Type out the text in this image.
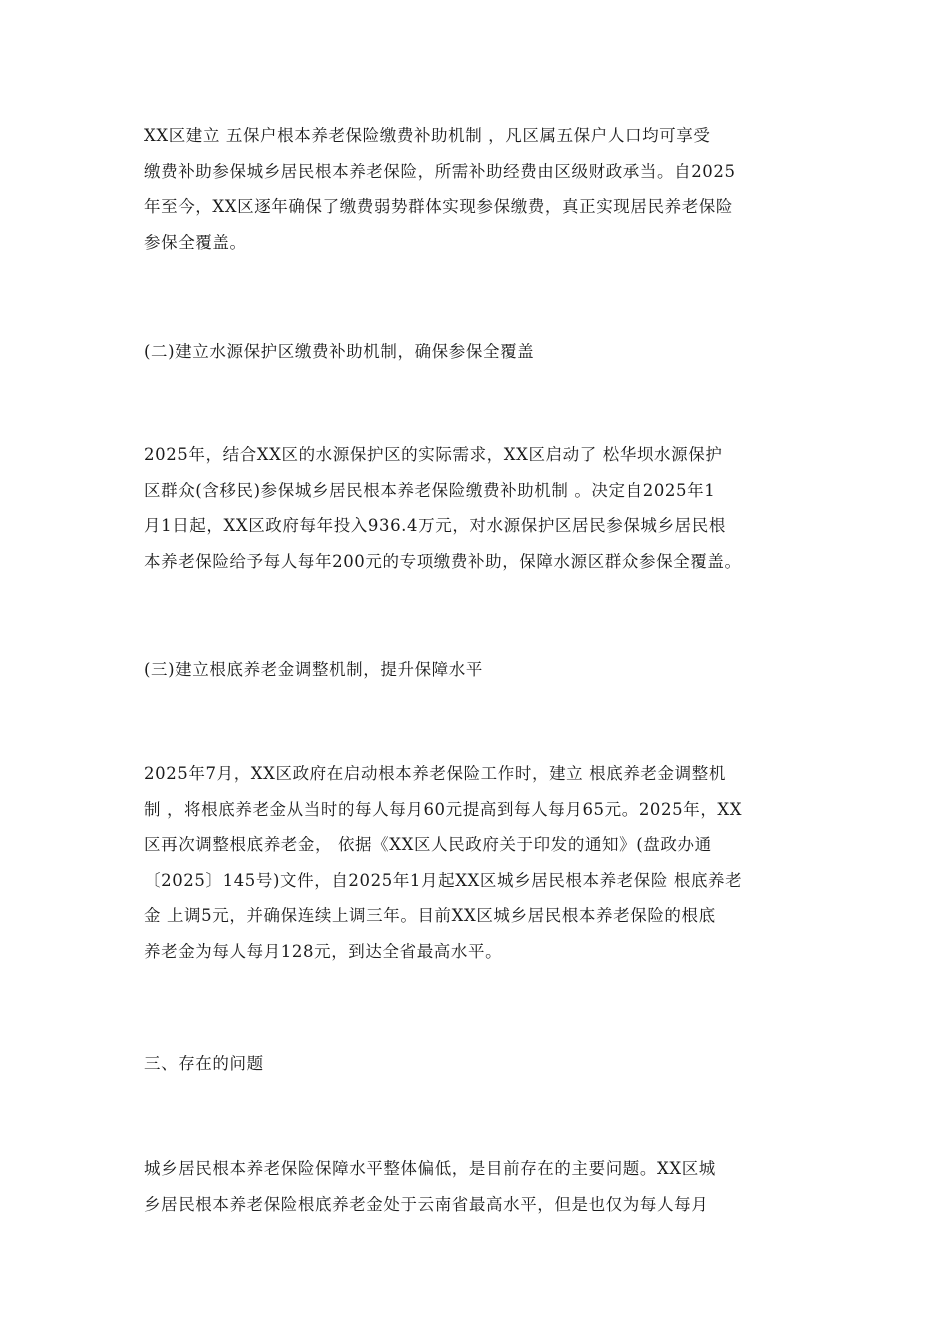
XX区建立 五保户根本养老保险缴费补助机制 ，凡区属五保户人口均可享受
缴费补助参保城乡居民根本养老保险，所需补助经费由区级财政承当。自2025
年至今，XX区逐年确保了缴费弱势群体实现参保缴费，真正实现居民养老保险
参保全覆盖。

(二)建立水源保护区缴费补助机制，确保参保全覆盖

2025年，结合XX区的水源保护区的实际需求，XX区启动了 松华坝水源保护
区群众(含移民)参保城乡居民根本养老保险缴费补助机制 。决定自2025年1
月1日起，XX区政府每年投入936.4万元，对水源保护区居民参保城乡居民根
本养老保险给予每人每年200元的专项缴费补助，保障水源区群众参保全覆盖。

(三)建立根底养老金调整机制，提升保障水平

2025年7月，XX区政府在启动根本养老保险工作时，建立 根底养老金调整机
制 ，将根底养老金从当时的每人每月60元提高到每人每月65元。2025年，XX
区再次调整根底养老金， 依据《XX区人民政府关于印发的通知》(盘政办通
〔2025〕145号)文件，自2025年1月起XX区城乡居民根本养老保险 根底养老
金 上调5元，并确保连续上调三年。目前XX区城乡居民根本养老保险的根底
养老金为每人每月128元，到达全省最高水平。

三、存在的问题

城乡居民根本养老保险保障水平整体偏低，是目前存在的主要问题。XX区城
乡居民根本养老保险根底养老金处于云南省最高水平，但是也仅为每人每月
